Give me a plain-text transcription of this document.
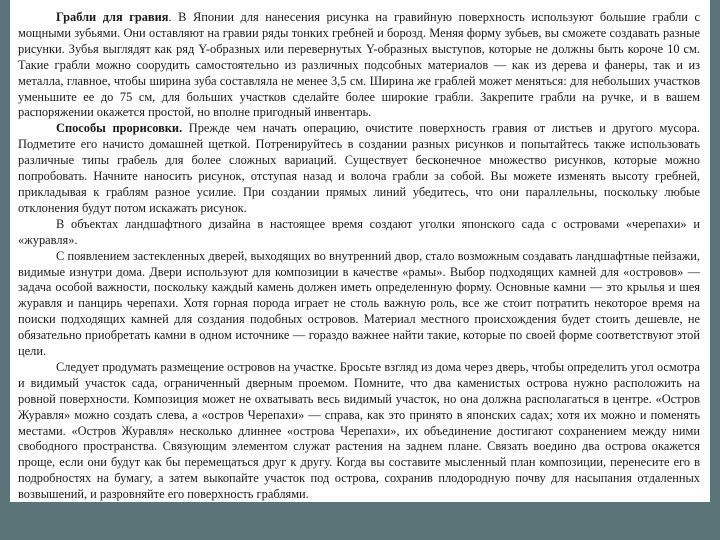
Грабли для гравия. В Японии для нанесения рисунка на гравийную поверхность используют большие грабли с мощными зубьями. Они оставляют на гравии ряды тонких гребней и борозд. Меняя форму зубьев, вы сможете создавать разные рисунки. Зубья выглядят как ряд Y-образных или перевернутых Y-образных выступов, которые не должны быть короче 10 см. Такие грабли можно соорудить самостоятельно из различных подсобных материалов — как из дерева и фанеры, так и из металла, главное, чтобы ширина зуба составляла не менее 3,5 см. Ширина же граблей может меняться: для небольших участков уменьшите ее до 75 см, для больших участков сделайте более широкие грабли. Закрепите грабли на ручке, и в вашем распоряжении окажется простой, но вполне пригодный инвентарь.

Способы прорисовки. Прежде чем начать операцию, очистите поверхность гравия от листьев и другого мусора. Подметите его начисто домашней щеткой. Потренируйтесь в создании разных рисунков и попытайтесь также использовать различные типы грабель для более сложных вариаций. Существует бесконечное множество рисунков, которые можно попробовать. Начните наносить рисунок, отступая назад и волоча грабли за собой. Вы можете изменять высоту гребней, прикладывая к граблям разное усилие. При создании прямых линий убедитесь, что они параллельны, поскольку любые отклонения будут потом искажать рисунок.

В объектах ландшафтного дизайна в настоящее время создают уголки японского сада с островами «черепахи» и «журавля».

С появлением застекленных дверей, выходящих во внутренний двор, стало возможным создавать ландшафтные пейзажи, видимые изнутри дома. Двери используют для композиции в качестве «рамы». Выбор подходящих камней для «островов» — задача особой важности, поскольку каждый камень должен иметь определенную форму. Основные камни — это крылья и шея журавля и панцирь черепахи. Хотя горная порода играет не столь важную роль, все же стоит потратить некоторое время на поиски подходящих камней для создания подобных островов. Материал местного происхождения будет стоить дешевле, не обязательно приобретать камни в одном источнике — гораздо важнее найти такие, которые по своей форме соответствуют этой цели.

Следует продумать размещение островов на участке. Бросьте взгляд из дома через дверь, чтобы определить угол осмотра и видимый участок сада, ограниченный дверным проемом. Помните, что два каменистых острова нужно расположить на ровной поверхности. Композиция может не охватывать весь видимый участок, но она должна располагаться в центре. «Остров Журавля» можно создать слева, а «остров Черепахи» — справа, как это принято в японских садах; хотя их можно и поменять местами. «Остров Журавля» несколько длиннее «острова Черепахи», их объединение достигают сохранением между ними свободного пространства. Связующим элементом служат растения на заднем плане. Связать воедино два острова окажется проще, если они будут как бы перемещаться друг к другу. Когда вы составите мысленный план композиции, перенесите его в подробностях на бумагу, а затем выкопайте участок под острова, сохранив плодородную почву для насыпания отдаленных возвышений, и разровняйте его поверхность граблями.
